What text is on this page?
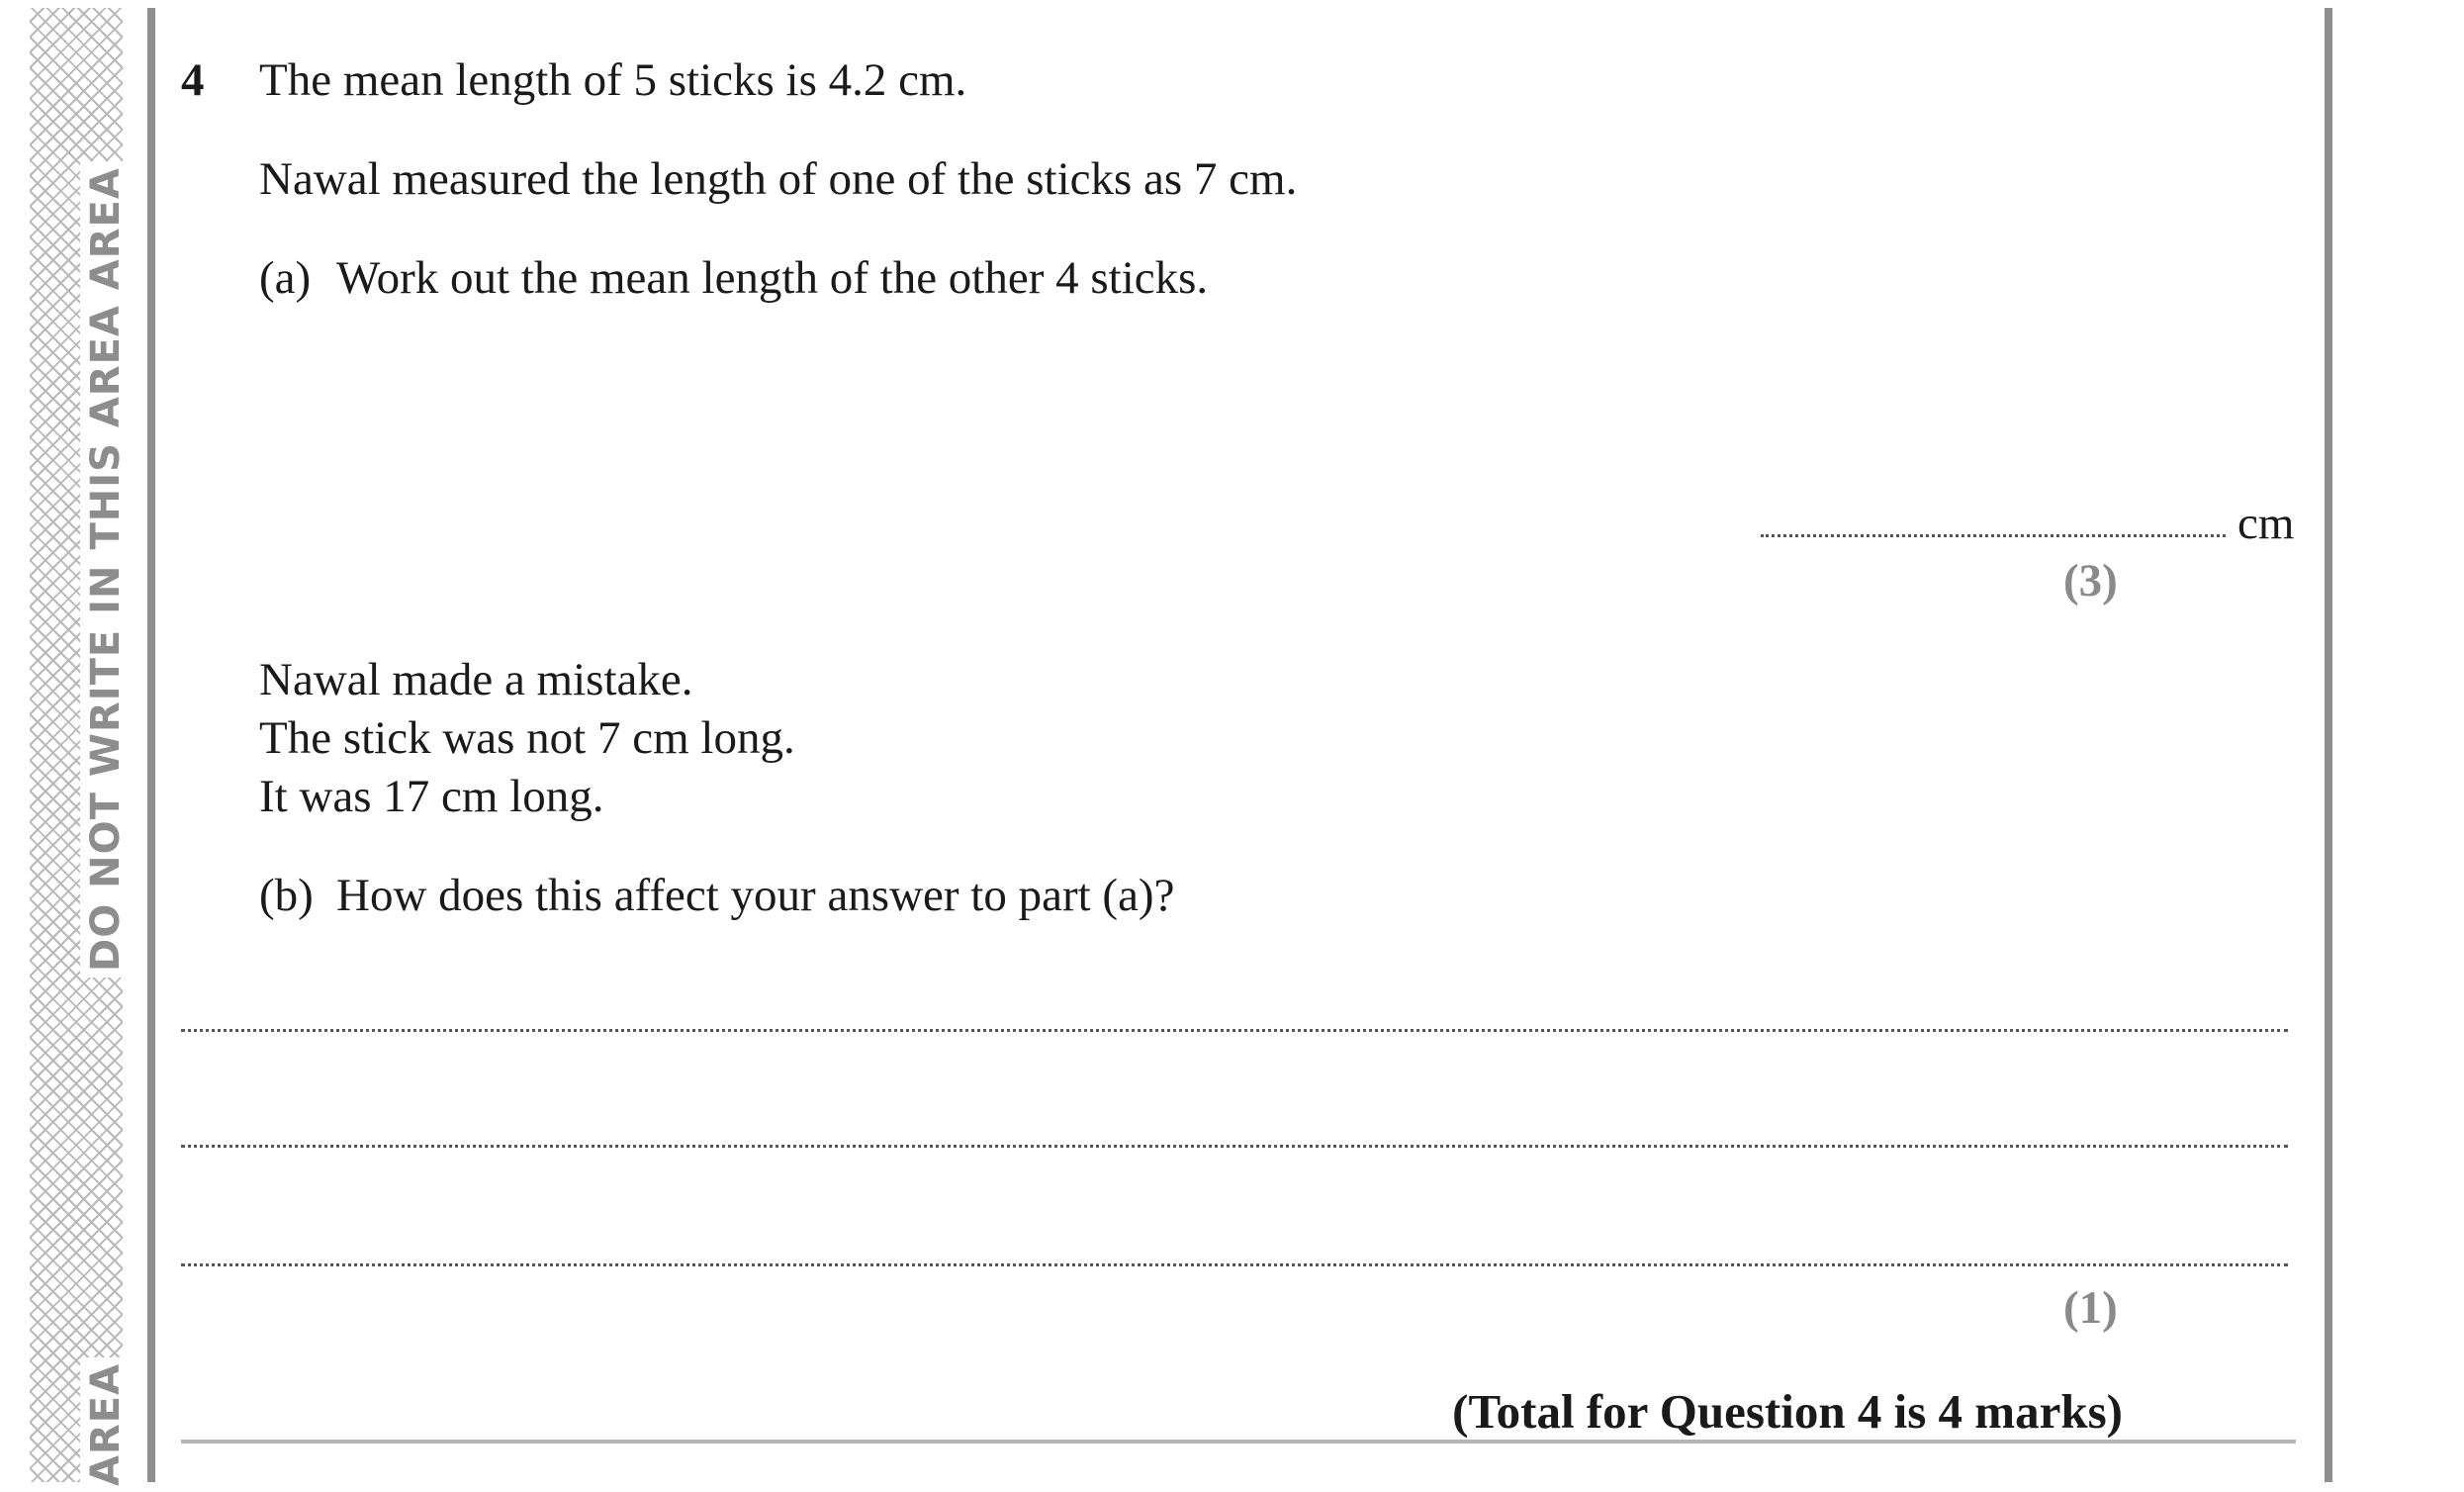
DO NOT WRITE IN THIS AREA AREA
AREA
4 The mean length of 5 sticks is 4.2 cm.
Nawal measured the length of one of the sticks as 7 cm.
(a) Work out the mean length of the other 4 sticks.
cm
(3)
Nawal made a mistake.
The stick was not 7 cm long.
It was 17 cm long.
(b) How does this affect your answer to part (a)?
(1)
(Total for Question 4 is 4 marks)
